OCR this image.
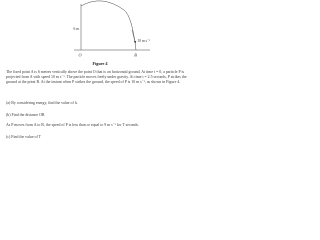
6 m
10 m s⁻¹
O	B
Figure 4
The fixed point A is 6 metres vertically above the point O that is on horizontal ground. At time t = 0, a particle P is projected from A with speed 10 m s⁻¹. The particle moves freely under gravity. At time t = 2.5 seconds, P strikes the ground at the point B. At the instant when P strikes the ground, the speed of P is 10 m s⁻¹, as shown in Figure 4.
(a) By considering energy, find the value of h.
(b) Find the distance OB
As P moves from A to B, the speed of P is less than or equal to 9 m s⁻¹ for T seconds.
(c) Find the value of T
